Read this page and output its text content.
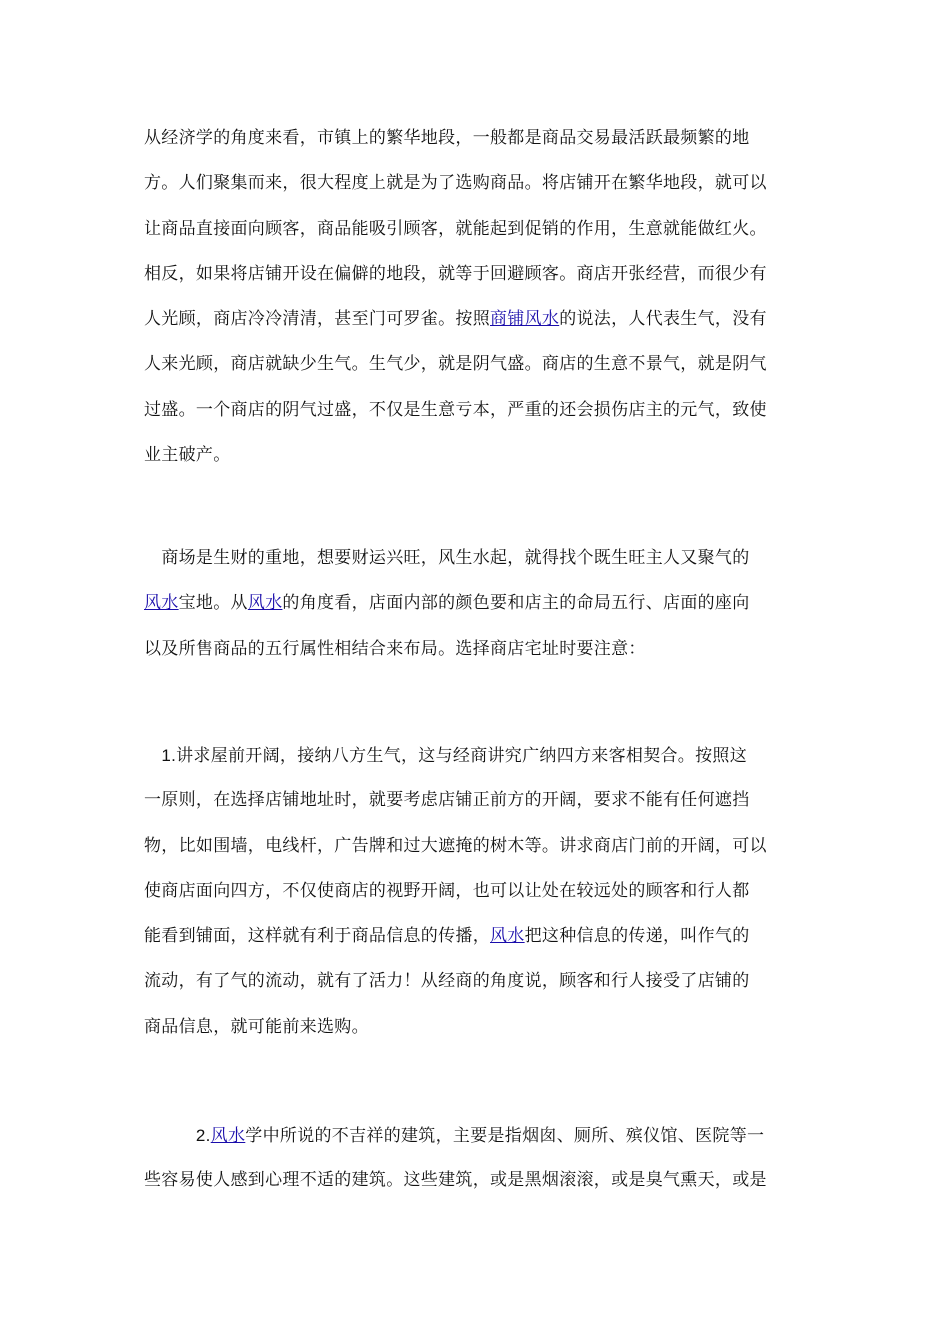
从经济学的角度来看，市镇上的繁华地段，一般都是商品交易最活跃最频繁的地
方。人们聚集而来，很大程度上就是为了选购商品。将店铺开在繁华地段，就可以
让商品直接面向顾客，商品能吸引顾客，就能起到促销的作用，生意就能做红火。
相反，如果将店铺开设在偏僻的地段，就等于回避顾客。商店开张经营，而很少有
人光顾，商店冷冷清清，甚至门可罗雀。按照商铺风水的说法，人代表生气，没有
人来光顾，商店就缺少生气。生气少，就是阴气盛。商店的生意不景气，就是阴气
过盛。一个商店的阴气过盛，不仅是生意亏本，严重的还会损伤店主的元气，致使
业主破产。
　商场是生财的重地，想要财运兴旺，风生水起，就得找个既生旺主人又聚气的
风水宝地。从风水的角度看，店面内部的颜色要和店主的命局五行、店面的座向
以及所售商品的五行属性相结合来布局。选择商店宅址时要注意：
　1.讲求屋前开阔，接纳八方生气，这与经商讲究广纳四方来客相契合。按照这
一原则，在选择店铺地址时，就要考虑店铺正前方的开阔，要求不能有任何遮挡
物，比如围墙，电线杆，广告牌和过大遮掩的树木等。讲求商店门前的开阔，可以
使商店面向四方，不仅使商店的视野开阔，也可以让处在较远处的顾客和行人都
能看到铺面，这样就有利于商品信息的传播，风水把这种信息的传递，叫作气的
流动，有了气的流动，就有了活力！从经商的角度说，顾客和行人接受了店铺的
商品信息，就可能前来选购。
　　　2.风水学中所说的不吉祥的建筑，主要是指烟囱、厕所、殡仪馆、医院等一
些容易使人感到心理不适的建筑。这些建筑，或是黑烟滚滚，或是臭气熏天，或是
